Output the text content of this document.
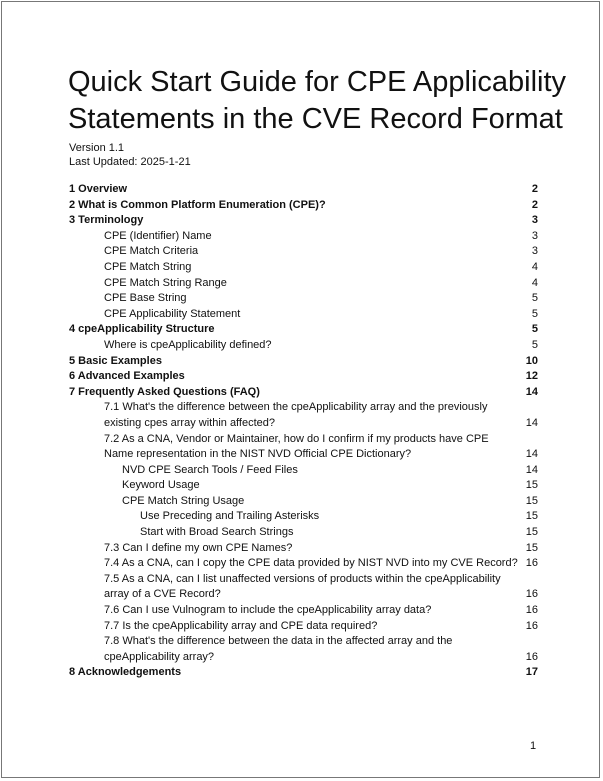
Quick Start Guide for CPE Applicability Statements in the CVE Record Format
Version 1.1
Last Updated: 2025-1-21
1 Overview	2
2 What is Common Platform Enumeration (CPE)?	2
3 Terminology	3
CPE (Identifier) Name	3
CPE Match Criteria	3
CPE Match String	4
CPE Match String Range	4
CPE Base String	5
CPE Applicability Statement	5
4 cpeApplicability Structure	5
Where is cpeApplicability defined?	5
5 Basic Examples	10
6 Advanced Examples	12
7 Frequently Asked Questions (FAQ)	14
7.1 What's the difference between the cpeApplicability array and the previously existing cpes array within affected?	14
7.2 As a CNA, Vendor or Maintainer, how do I confirm if my products have CPE Name representation in the NIST NVD Official CPE Dictionary?	14
NVD CPE Search Tools / Feed Files	14
Keyword Usage	15
CPE Match String Usage	15
Use Preceding and Trailing Asterisks	15
Start with Broad Search Strings	15
7.3 Can I define my own CPE Names?	15
7.4 As a CNA, can I copy the CPE data provided by NIST NVD into my CVE Record? 16
7.5 As a CNA, can I list unaffected versions of products within the cpeApplicability array of a CVE Record?	16
7.6 Can I use Vulnogram to include the cpeApplicability array data?	16
7.7 Is the cpeApplicability array and CPE data required?	16
7.8 What's the difference between the data in the affected array and the cpeApplicability array?	16
8 Acknowledgements	17
1
